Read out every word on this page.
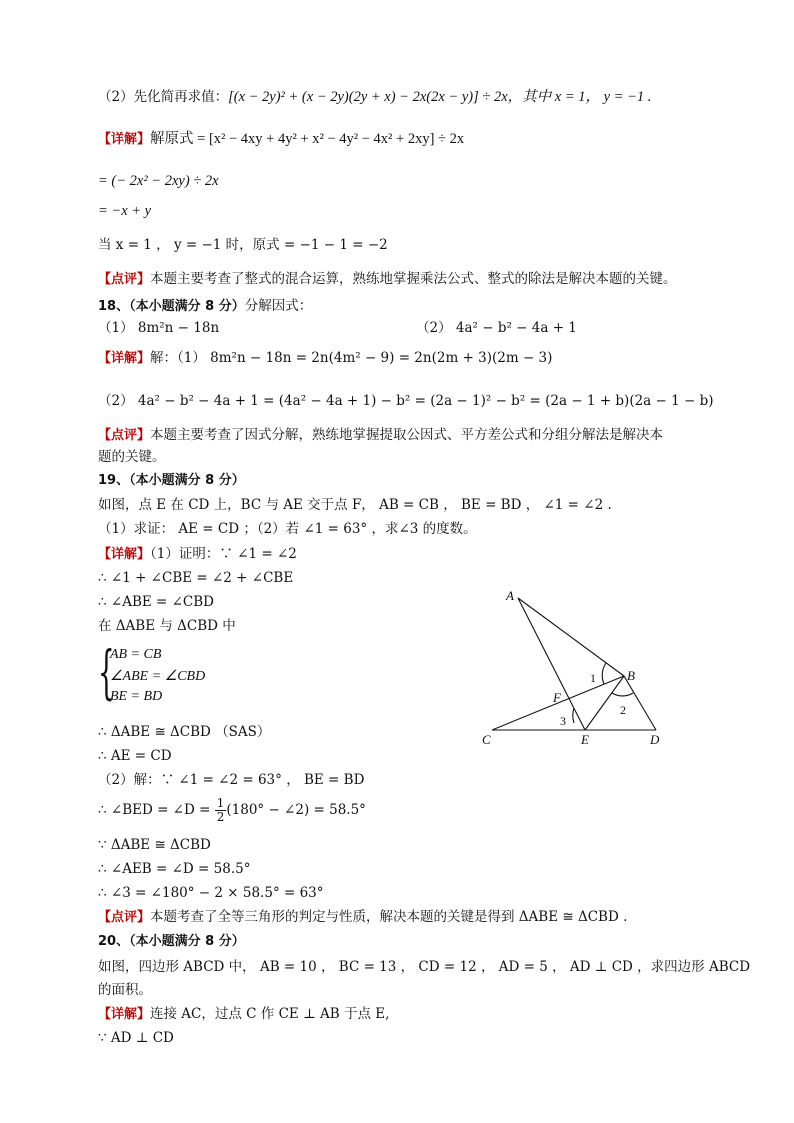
（2）先化简再求值：[(x − 2y)² + (x − 2y)(2y + x) − 2x(2x − y)] ÷ 2x，其中 x = 1， y = −1 .
【详解】解原式 = [x² − 4xy + 4y² + x² − 4y² − 4x² + 2xy] ÷ 2x
= (− 2x² − 2xy) ÷ 2x
= −x + y
当 x = 1 ， y = −1 时，原式 = −1 − 1 = −2
【点评】本题主要考查了整式的混合运算，熟练地掌握乘法公式、整式的除法是解决本题的关键。
18、（本小题满分 8 分）分解因式：
（1） 8m²n − 18n	（2） 4a² − b² − 4a + 1
【详解】解：（1） 8m²n − 18n = 2n(4m² − 9) = 2n(2m + 3)(2m − 3)
（2） 4a² − b² − 4a + 1 = (4a² − 4a + 1) − b² = (2a − 1)² − b² = (2a − 1 + b)(2a − 1 − b)
【点评】本题主要考查了因式分解，熟练地掌握提取公因式、平方差公式和分组分解法是解决本
题的关键。
19、（本小题满分 8 分）
如图，点 E 在 CD 上，BC 与 AE 交于点 F， AB = CB ， BE = BD ， ∠1 = ∠2 .
（1）求证： AE = CD ；（2）若 ∠1 = 63° ，求∠3 的度数。
【详解】（1）证明：∵ ∠1 = ∠2
∴ ∠1 + ∠CBE = ∠2 + ∠CBE
∴ ∠ABE = ∠CBD
在 ΔABE 与 ΔCBD 中
{
AB = CB
∠ABE = ∠CBD
BE = BD
∴ ΔABE ≅ ΔCBD （SAS）
∴ AE = CD
（2）解：∵ ∠1 = ∠2 = 63° ， BE = BD
∴ ∠BED = ∠D = $\frac{1}{2} (180^\circ$ − ∠2) = 58.5°
∵ ΔABE ≅ ΔCBD
∴ ∠AEB = ∠D = 58.5°
∴ ∠3 = ∠180° − 2 × 58.5° = 63°
【点评】本题考查了全等三角形的判定与性质，解决本题的关键是得到 ΔABE ≅ ΔCBD .
A
B
C	D
E
F
1
2
3
20、（本小题满分 8 分）
如图，四边形 ABCD 中， AB = 10 ， BC = 13 ， CD = 12 ， AD = 5 ， AD ⊥ CD ，求四边形 ABCD
的面积。
【详解】连接 AC，过点 C 作 CE ⊥ AB 于点 E,
∵ AD ⊥ CD
